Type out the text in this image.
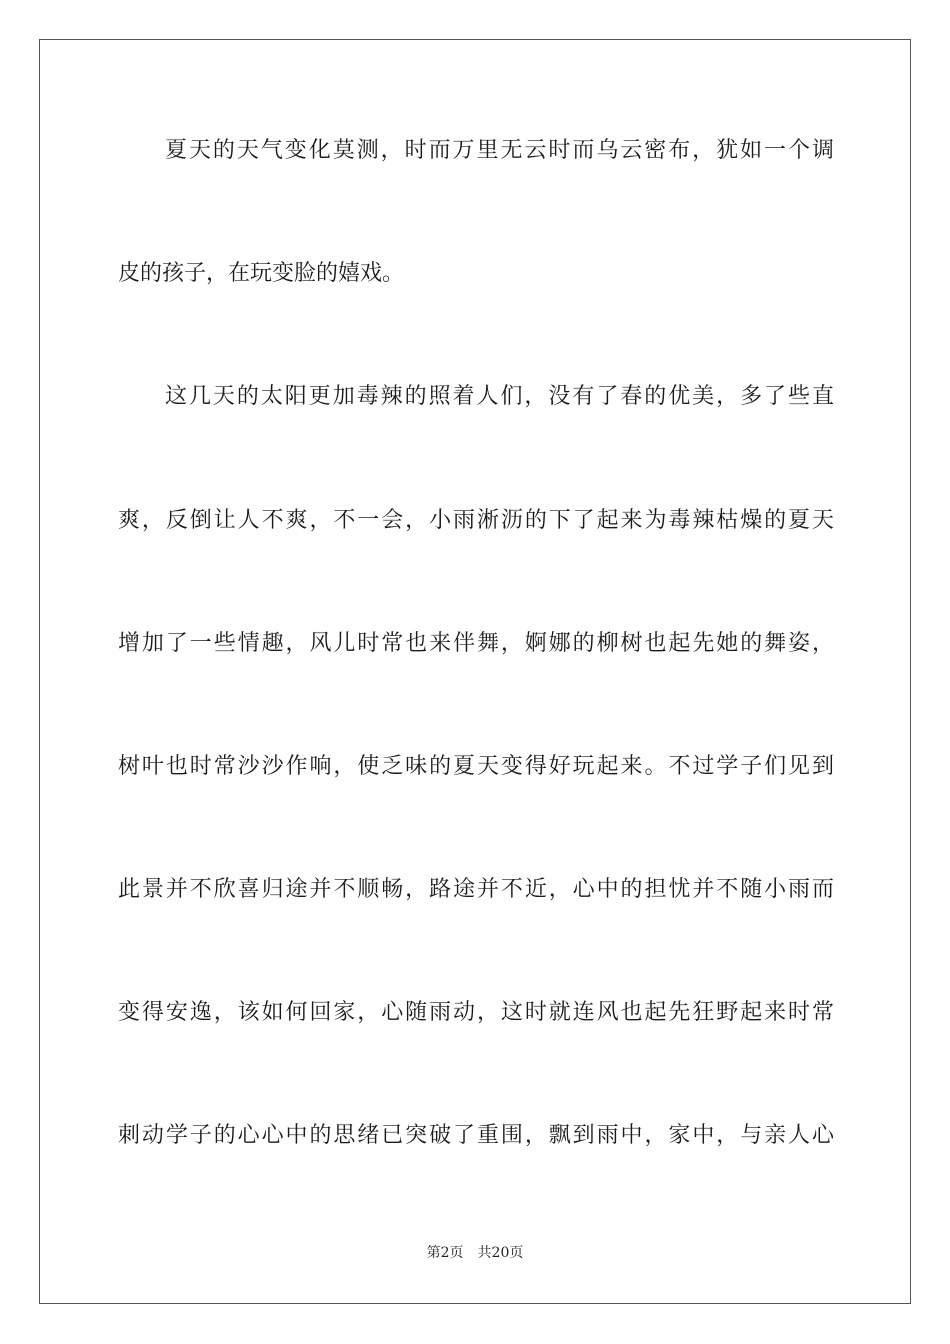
夏天的天气变化莫测，时而万里无云时而乌云密布，犹如一个调
皮的孩子，在玩变脸的嬉戏。
这几天的太阳更加毒辣的照着人们，没有了春的优美，多了些直
爽，反倒让人不爽，不一会，小雨淅沥的下了起来为毒辣枯燥的夏天
增加了一些情趣，风儿时常也来伴舞，婀娜的柳树也起先她的舞姿，
树叶也时常沙沙作响，使乏味的夏天变得好玩起来。不过学子们见到
此景并不欣喜归途并不顺畅，路途并不近，心中的担忧并不随小雨而
变得安逸，该如何回家，心随雨动，这时就连风也起先狂野起来时常
刺动学子的心心中的思绪已突破了重围，飘到雨中，家中，与亲人心
第2页 共20页
